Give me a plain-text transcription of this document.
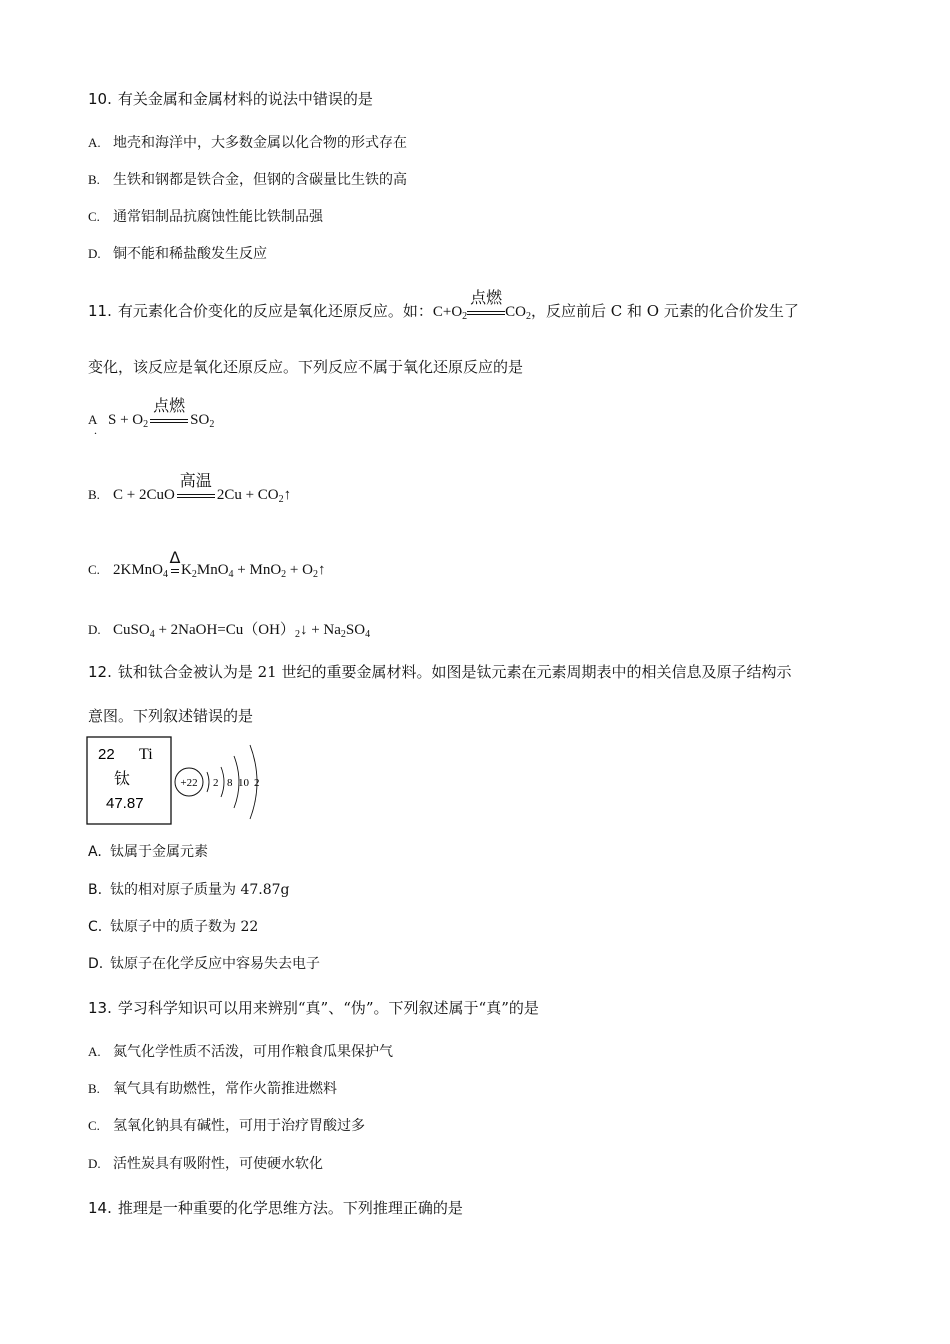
10. 有关金属和金属材料的说法中错误的是
A. 地壳和海洋中，大多数金属以化合物的形式存在
B. 生铁和钢都是铁合金，但钢的含碳量比生铁的高
C. 通常铝制品抗腐蚀性能比铁制品强
D. 铜不能和稀盐酸发生反应
11. 有元素化合价变化的反应是氧化还原反应。如：$C+O_2$
点燃
$CO_2$，反应前后 C 和 O 元素的化合价发生了
变化，该反应是氧化还原反应。下列反应不属于氧化还原反应的是
A
.
$S + O_2$
点燃
$SO_2$
B. C + 2CuO
高温
$2Cu + CO_2↑$
C. 2KMnO$_4$
Δ
$K_2MnO_4 + MnO_2$ + $O_2↑$
D. CuSO$_4$ + $2NaOH=Cu(OH)_2↓ + Na_2SO_4$
12. 钛和钛合金被认为是 21 世纪的重要金属材料。如图是钛元素在元素周期表中的相关信息及原子结构示
意图。下列叙述错误的是
22 Ti
钛
47.87
+22 2 8 10 2
A. 钛属于金属元素
B. 钛的相对原子质量为 47.87g
C. 钛原子中的质子数为 22
D. 钛原子在化学反应中容易失去电子
13. 学习科学知识可以用来辨别“真”、“伪”。下列叙述属于“真”的是
A. 氮气化学性质不活泼，可用作粮食瓜果保护气
B. 氧气具有助燃性，常作火箭推进燃料
C. 氢氧化钠具有碱性，可用于治疗胃酸过多
D. 活性炭具有吸附性，可使硬水软化
14. 推理是一种重要的化学思维方法。下列推理正确的是
